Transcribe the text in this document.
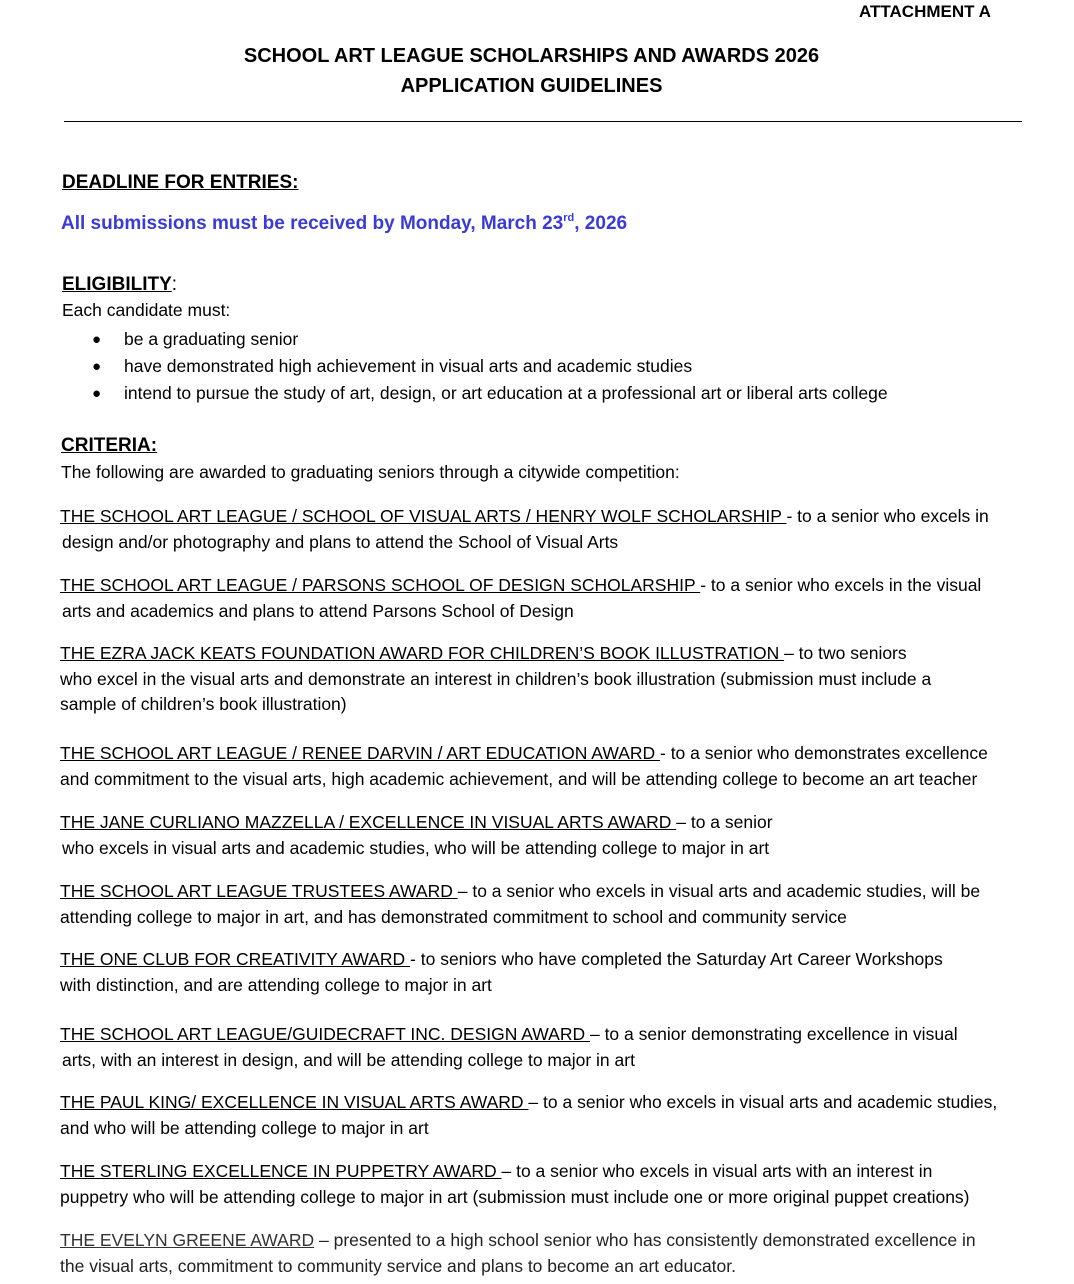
ATTACHMENT A
SCHOOL ART LEAGUE SCHOLARSHIPS AND AWARDS 2026
APPLICATION GUIDELINES
DEADLINE FOR ENTRIES:
All submissions must be received by Monday, March 23rd, 2026
ELIGIBILITY:
Each candidate must:
● be a graduating senior
● have demonstrated high achievement in visual arts and academic studies
● intend to pursue the study of art, design, or art education at a professional art or liberal arts college
CRITERIA:
The following are awarded to graduating seniors through a citywide competition:
THE SCHOOL ART LEAGUE / SCHOOL OF VISUAL ARTS / HENRY WOLF SCHOLARSHIP - to a senior who excels in
design and/or photography and plans to attend the School of Visual Arts
THE SCHOOL ART LEAGUE / PARSONS SCHOOL OF DESIGN SCHOLARSHIP - to a senior who excels in the visual
arts and academics and plans to attend Parsons School of Design
THE EZRA JACK KEATS FOUNDATION AWARD FOR CHILDREN’S BOOK ILLUSTRATION – to two seniors
who excel in the visual arts and demonstrate an interest in children’s book illustration (submission must include a
sample of children’s book illustration)
THE SCHOOL ART LEAGUE / RENEE DARVIN / ART EDUCATION AWARD - to a senior who demonstrates excellence
and commitment to the visual arts, high academic achievement, and will be attending college to become an art teacher
THE JANE CURLIANO MAZZELLA / EXCELLENCE IN VISUAL ARTS AWARD – to a senior
who excels in visual arts and academic studies, who will be attending college to major in art
THE SCHOOL ART LEAGUE TRUSTEES AWARD – to a senior who excels in visual arts and academic studies, will be
attending college to major in art, and has demonstrated commitment to school and community service
THE ONE CLUB FOR CREATIVITY AWARD - to seniors who have completed the Saturday Art Career Workshops
with distinction, and are attending college to major in art
THE SCHOOL ART LEAGUE/GUIDECRAFT INC. DESIGN AWARD – to a senior demonstrating excellence in visual
arts, with an interest in design, and will be attending college to major in art
THE PAUL KING/ EXCELLENCE IN VISUAL ARTS AWARD – to a senior who excels in visual arts and academic studies,
and who will be attending college to major in art
THE STERLING EXCELLENCE IN PUPPETRY AWARD – to a senior who excels in visual arts with an interest in
puppetry who will be attending college to major in art (submission must include one or more original puppet creations)
THE EVELYN GREENE AWARD – presented to a high school senior who has consistently demonstrated excellence in
the visual arts, commitment to community service and plans to become an art educator.
